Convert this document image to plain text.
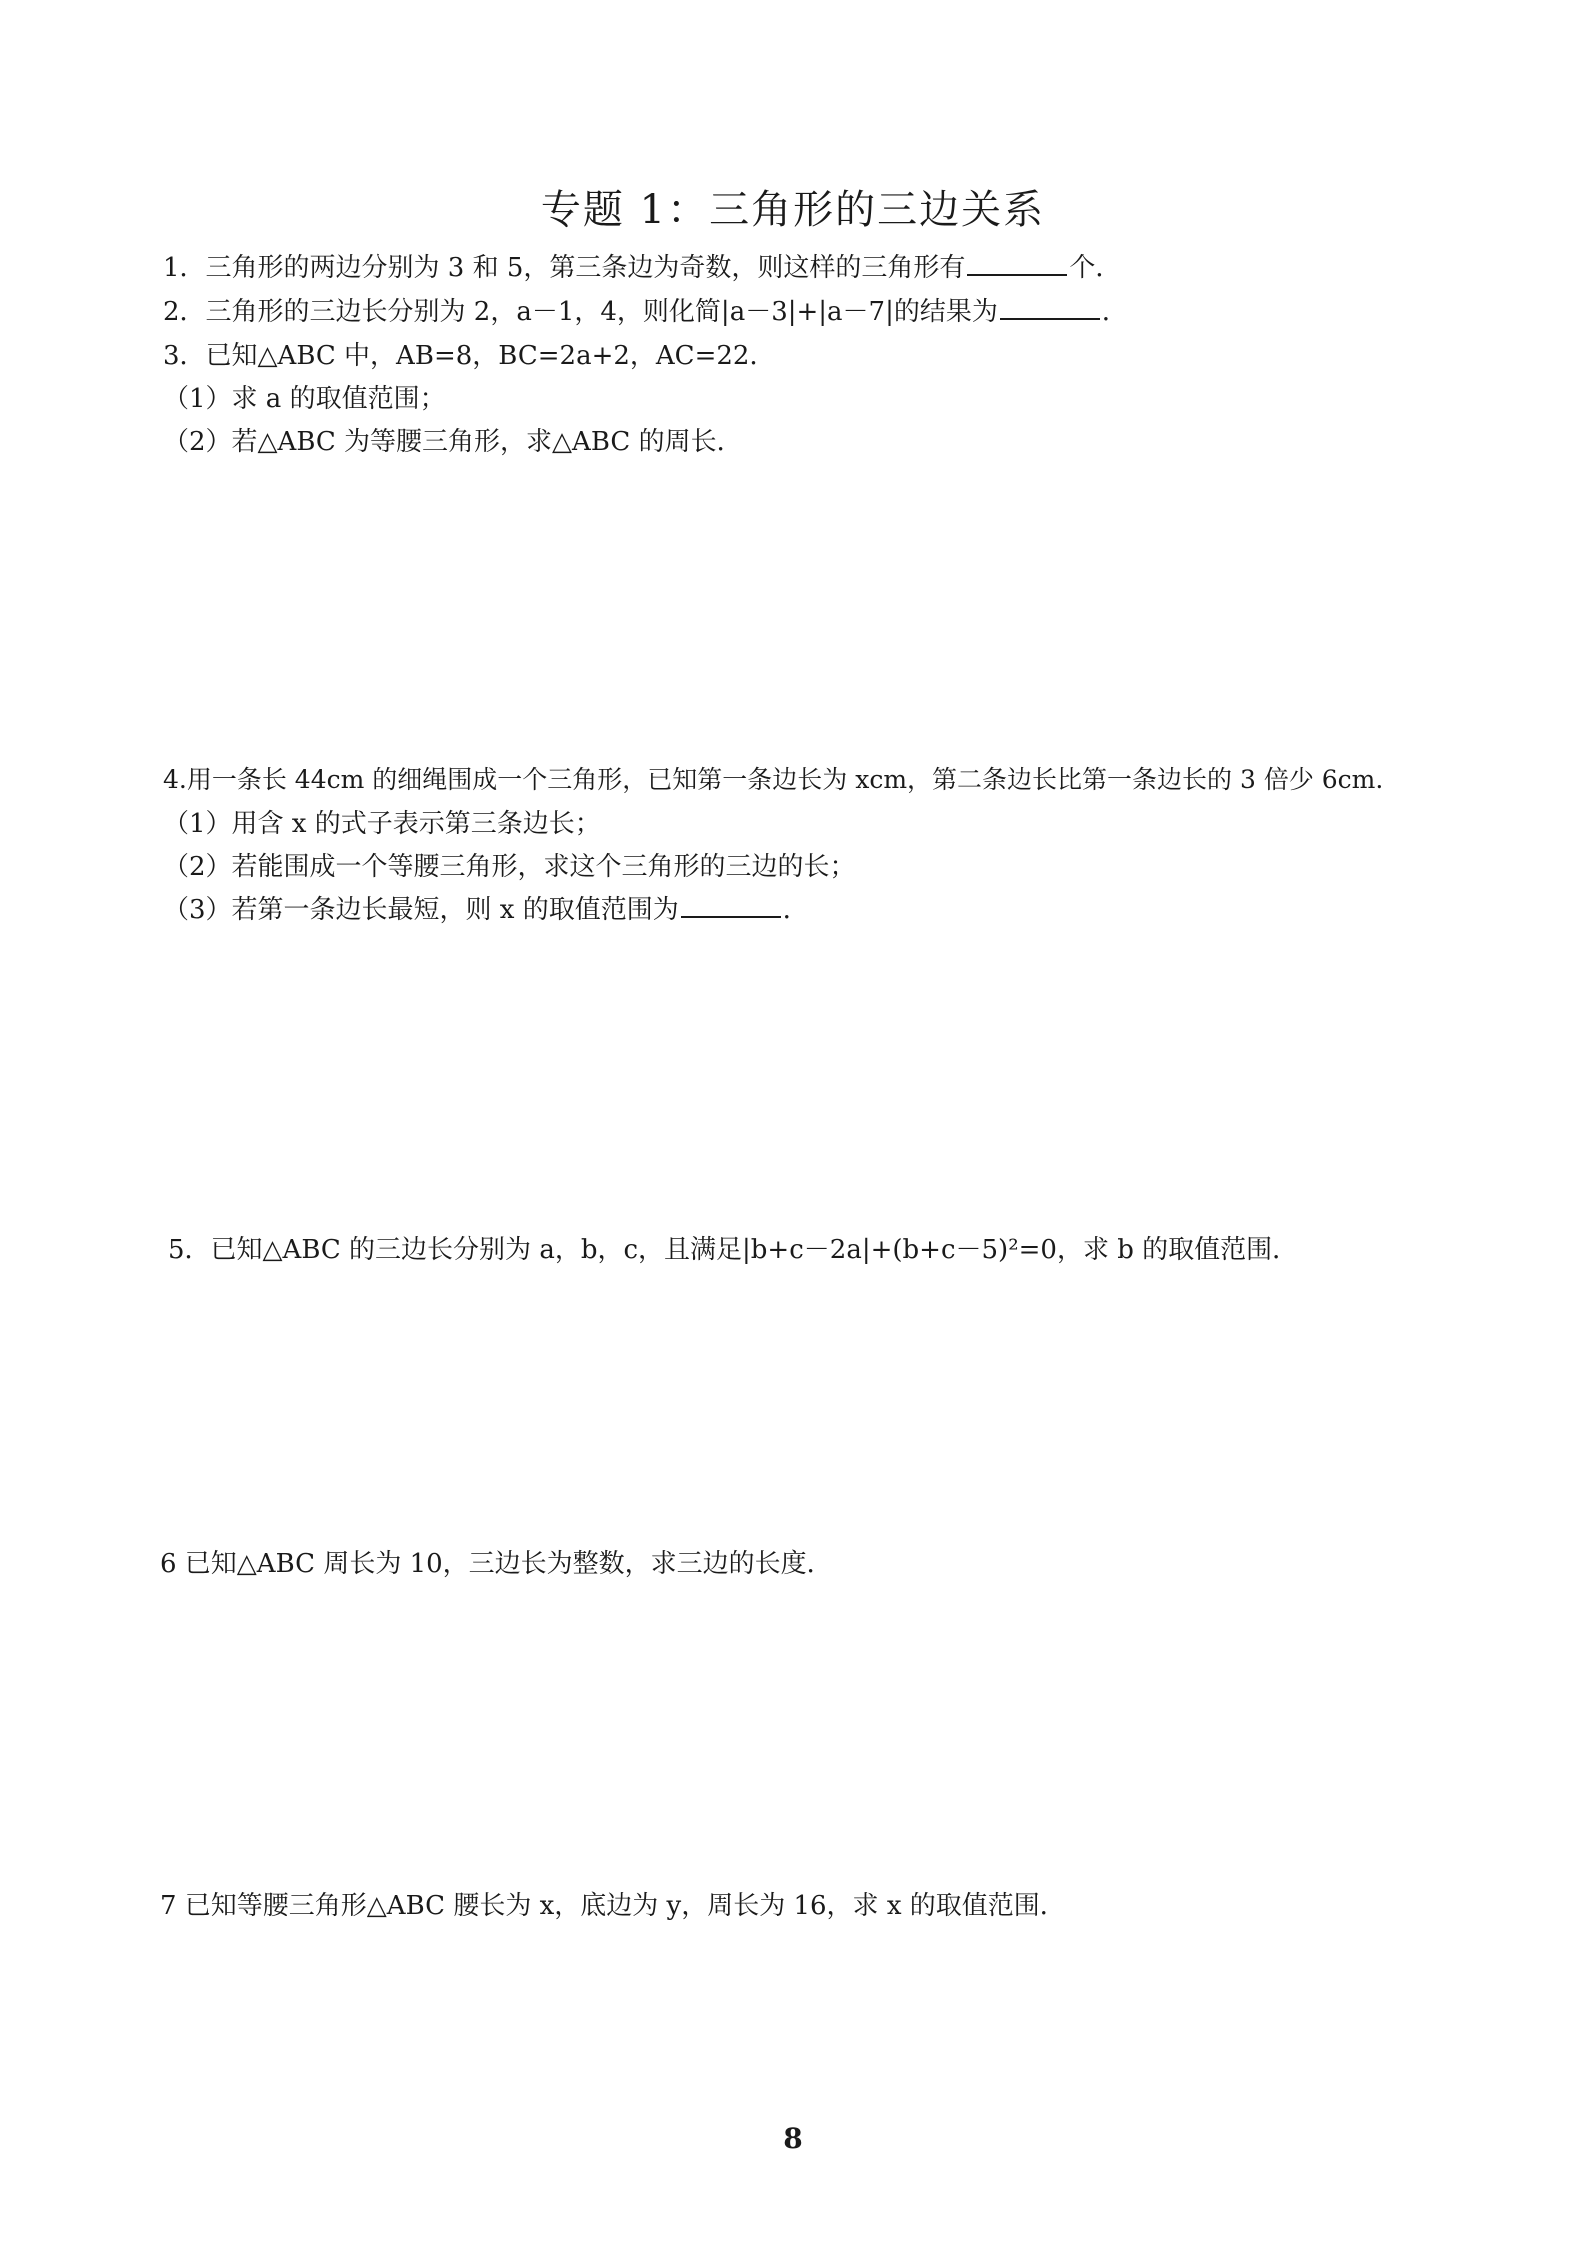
专题 1：三角形的三边关系
1．三角形的两边分别为 3 和 5，第三条边为奇数，则这样的三角形有	个．
2．三角形的三边长分别为 2，a－1，4，则化简|a－3|+|a－7|的结果为	．
3．已知△ABC 中，AB=8，BC=2a+2，AC=22．
（1）求 a 的取值范围；
（2）若△ABC 为等腰三角形，求△ABC 的周长．
4.用一条长 44cm 的细绳围成一个三角形，已知第一条边长为 xcm，第二条边长比第一条边长的 3 倍少 6cm.
（1）用含 x 的式子表示第三条边长；
（2）若能围成一个等腰三角形，求这个三角形的三边的长；
（3）若第一条边长最短，则 x 的取值范围为	．
5．已知△ABC 的三边长分别为 a，b，c，且满足|b+c－2a|+(b+c－5)²=0，求 b 的取值范围．
6 已知△ABC 周长为 10，三边长为整数，求三边的长度．
7 已知等腰三角形△ABC 腰长为 x，底边为 y，周长为 16，求 x 的取值范围．
8
